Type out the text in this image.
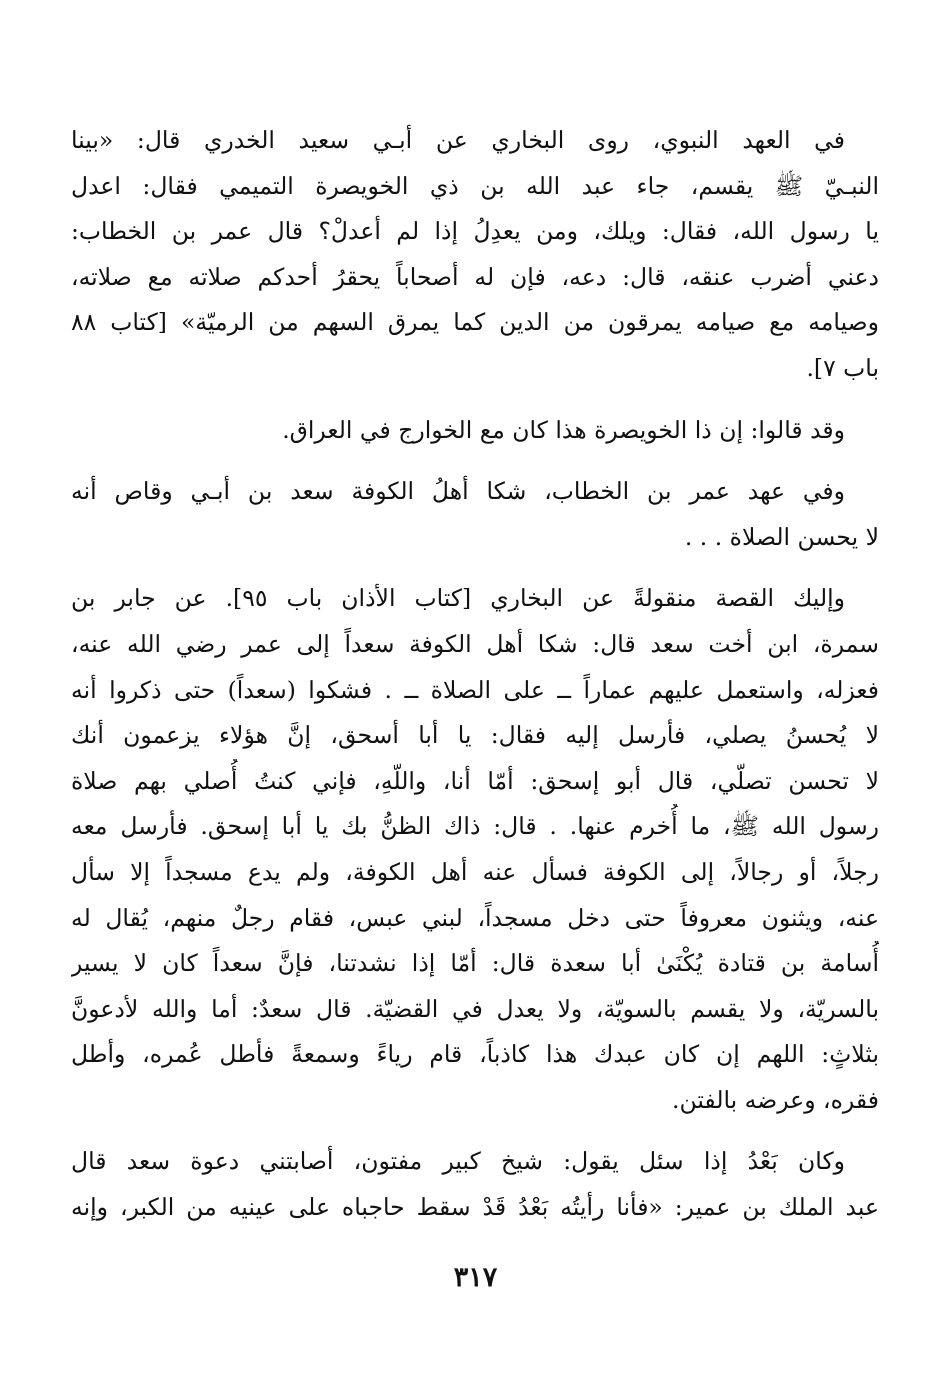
في العهد النبوي، روى البخاري عن أبـي سعيد الخدري قال: «بينا
النبـيّ ﷺ يقسم، جاء عبد الله بن ذي الخويصرة التميمي فقال: اعدل
يا رسول الله، فقال: ويلك، ومن يعدِلُ إذا لم أعدلْ؟ قال عمر بن الخطاب:
دعني أضرب عنقه، قال: دعه، فإن له أصحاباً يحقرُ أحدكم صلاته مع صلاته،
وصيامه مع صيامه يمرقون من الدين كما يمرق السهم من الرميّة» [كتاب ٨٨
باب ٧].

وقد قالوا: إن ذا الخويصرة هذا كان مع الخوارج في العراق.

وفي عهد عمر بن الخطاب، شكا أهلُ الكوفة سعد بن أبـي وقاص أنه
لا يحسن الصلاة . . .

وإليك القصة منقولةً عن البخاري [كتاب الأذان باب ٩٥]. عن جابر بن
سمرة، ابن أخت سعد قال: شكا أهل الكوفة سعداً إلى عمر رضي الله عنه،
فعزله، واستعمل عليهم عماراً ــ على الصلاة ــ . فشكوا (سعداً) حتى ذكروا أنه
لا يُحسنُ يصلي، فأرسل إليه فقال: يا أبا أسحق، إنَّ هؤلاء يزعمون أنك
لا تحسن تصلّي، قال أبو إسحق: أمّا أنا، واللّهِ، فإني كنتُ أُصلي بهم صلاة
رسول الله ﷺ، ما أُخرم عنها. . قال: ذاك الظنُّ بك يا أبا إسحق. فأرسل معه
رجلاً، أو رجالاً، إلى الكوفة فسأل عنه أهل الكوفة، ولم يدع مسجداً إلا سأل
عنه، ويثنون معروفاً حتى دخل مسجداً، لبني عبس، فقام رجلٌ منهم، يُقال له
أُسامة بن قتادة يُكْنَىٰ أبا سعدة قال: أمّا إذا نشدتنا، فإنَّ سعداً كان لا يسير
بالسريّة، ولا يقسم بالسويّة، ولا يعدل في القضيّة. قال سعدٌ: أما والله لأدعونَّ
بثلاثٍ: اللهم إن كان عبدك هذا كاذباً، قام رياءً وسمعةً فأطل عُمره، وأطل
فقره، وعرضه بالفتن.

وكان بَعْدُ إذا سئل يقول: شيخ كبير مفتون، أصابتني دعوة سعد قال
عبد الملك بن عمير: «فأنا رأيتُه بَعْدُ قَدْ سقط حاجباه على عينيه من الكبر، وإنه

٣١٧
